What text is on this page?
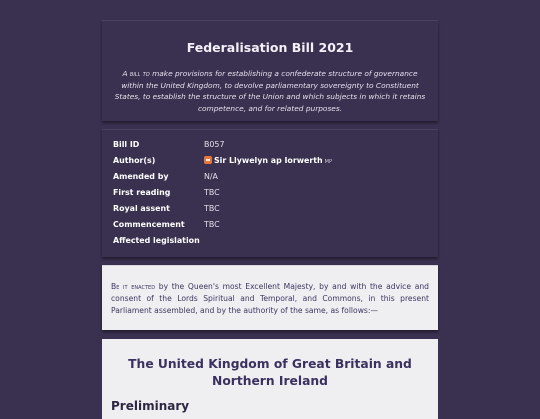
Federalisation Bill 2021
A bill to make provisions for establishing a confederate structure of governance within the United Kingdom, to devolve parliamentary sovereignty to Constituent States, to establish the structure of the Union and which subjects in which it retains competence, and for related purposes.
Bill ID	B057
Author(s)	Sir Llywelyn ap Iorwerth MP
Amended by	N/A
First reading	TBC
Royal assent	TBC
Commencement	TBC
Affected legislation
Be it enacted by the Queen's most Excellent Majesty, by and with the advice and consent of the Lords Spiritual and Temporal, and Commons, in this present Parliament assembled, and by the authority of the same, as follows:—
The United Kingdom of Great Britain and Northern Ireland
Preliminary
